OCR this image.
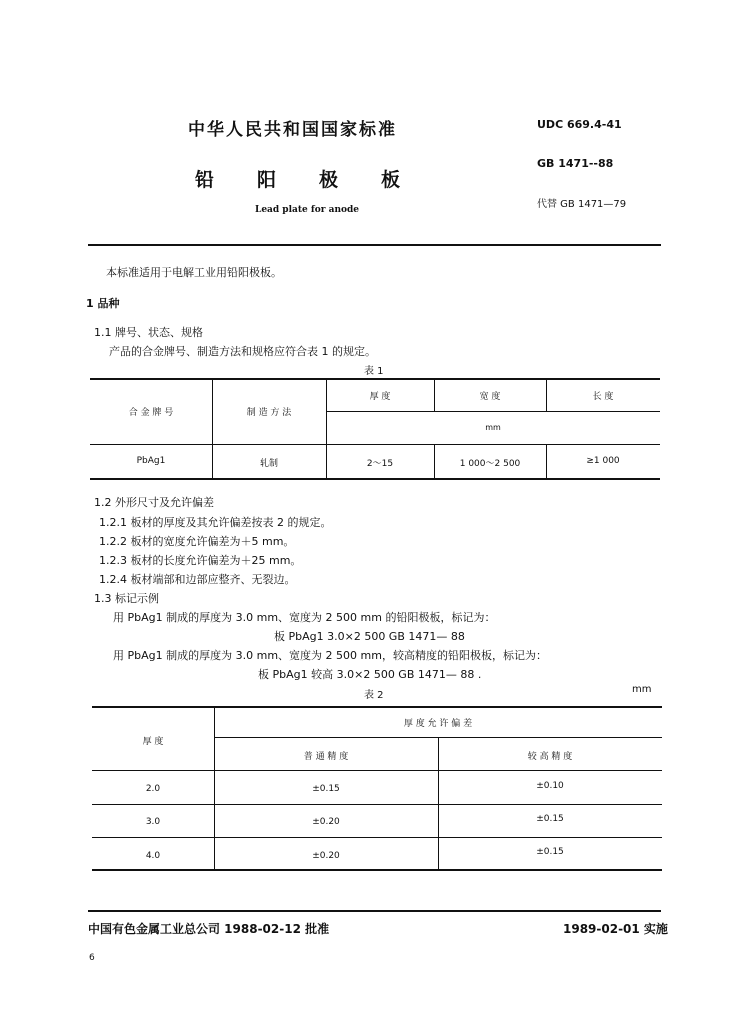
中华人民共和国国家标准
铅 阳 极 板
Lead plate for anode
UDC 669.4-41
GB 1471--88
代替 GB 1471—79
本标准适用于电解工业用铅阳极板。
1 品种
1.1 牌号、状态、规格
产品的合金牌号、制造方法和规格应符合表 1 的规定。
表 1
合 金 牌 号	制 造 方 法
厚 度	宽 度	长 度
mm
PbAg1	轧制	2～15	1 000～2 500	≥1 000
1.2 外形尺寸及允许偏差
1.2.1 板材的厚度及其允许偏差按表 2 的规定。
1.2.2 板材的宽度允许偏差为＋5 mm。
1.2.3 板材的长度允许偏差为＋25 mm。
1.2.4 板材端部和边部应整齐、无裂边。
1.3 标记示例
用 PbAg1 制成的厚度为 3.0 mm、宽度为 2 500 mm 的铅阳极板，标记为：
板 PbAg1 3.0×2 500 GB 1471— 88
用 PbAg1 制成的厚度为 3.0 mm、宽度为 2 500 mm，较高精度的铅阳极板，标记为：
板 PbAg1 较高 3.0×2 500 GB 1471— 88 .
表 2
mm
厚 度
厚 度 允 许 偏 差
普 通 精 度	较 高 精 度
2.0	±0.15	±0.10
3.0	±0.20	±0.15
4.0	±0.20	±0.15
中国有色金属工业总公司 1988-02-12 批准	1989-02-01 实施
6
